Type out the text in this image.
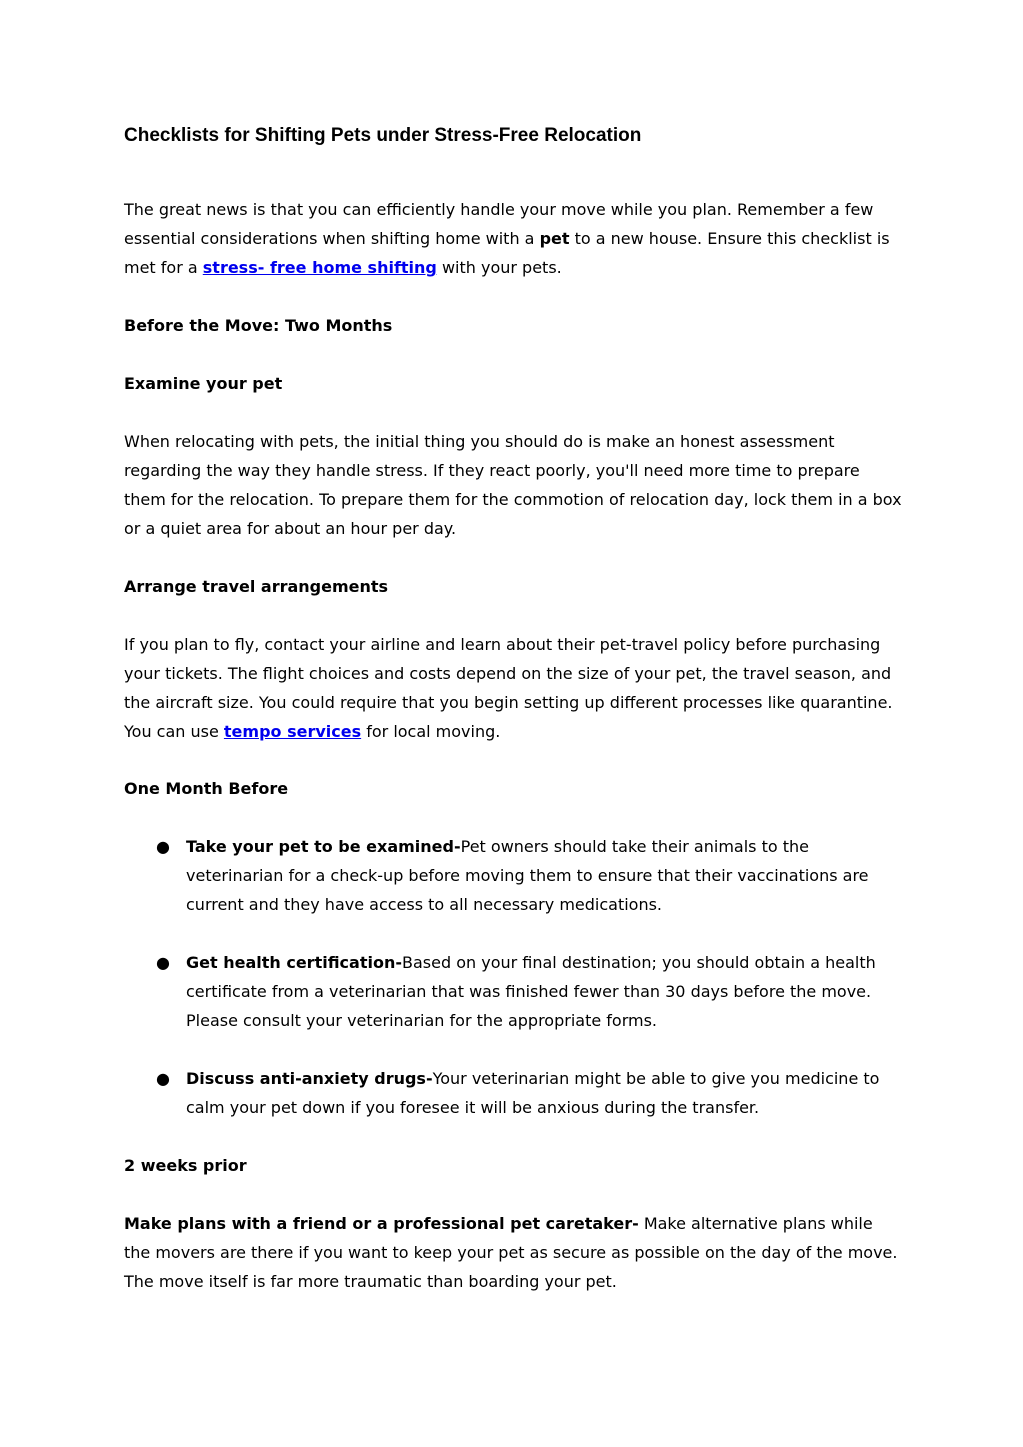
Checklists for Shifting Pets under Stress-Free Relocation

The great news is that you can efficiently handle your move while you plan. Remember a few essential considerations when shifting home with a pet to a new house. Ensure this checklist is met for a stress- free home shifting with your pets.

Before the Move: Two Months

Examine your pet

When relocating with pets, the initial thing you should do is make an honest assessment regarding the way they handle stress. If they react poorly, you'll need more time to prepare them for the relocation. To prepare them for the commotion of relocation day, lock them in a box or a quiet area for about an hour per day.

Arrange travel arrangements

If you plan to fly, contact your airline and learn about their pet-travel policy before purchasing your tickets. The flight choices and costs depend on the size of your pet, the travel season, and the aircraft size. You could require that you begin setting up different processes like quarantine. You can use tempo services for local moving.

One Month Before

● Take your pet to be examined-Pet owners should take their animals to the veterinarian for a check-up before moving them to ensure that their vaccinations are current and they have access to all necessary medications.
● Get health certification-Based on your final destination; you should obtain a health certificate from a veterinarian that was finished fewer than 30 days before the move. Please consult your veterinarian for the appropriate forms.
● Discuss anti-anxiety drugs-Your veterinarian might be able to give you medicine to calm your pet down if you foresee it will be anxious during the transfer.

2 weeks prior

Make plans with a friend or a professional pet caretaker- Make alternative plans while the movers are there if you want to keep your pet as secure as possible on the day of the move. The move itself is far more traumatic than boarding your pet.
